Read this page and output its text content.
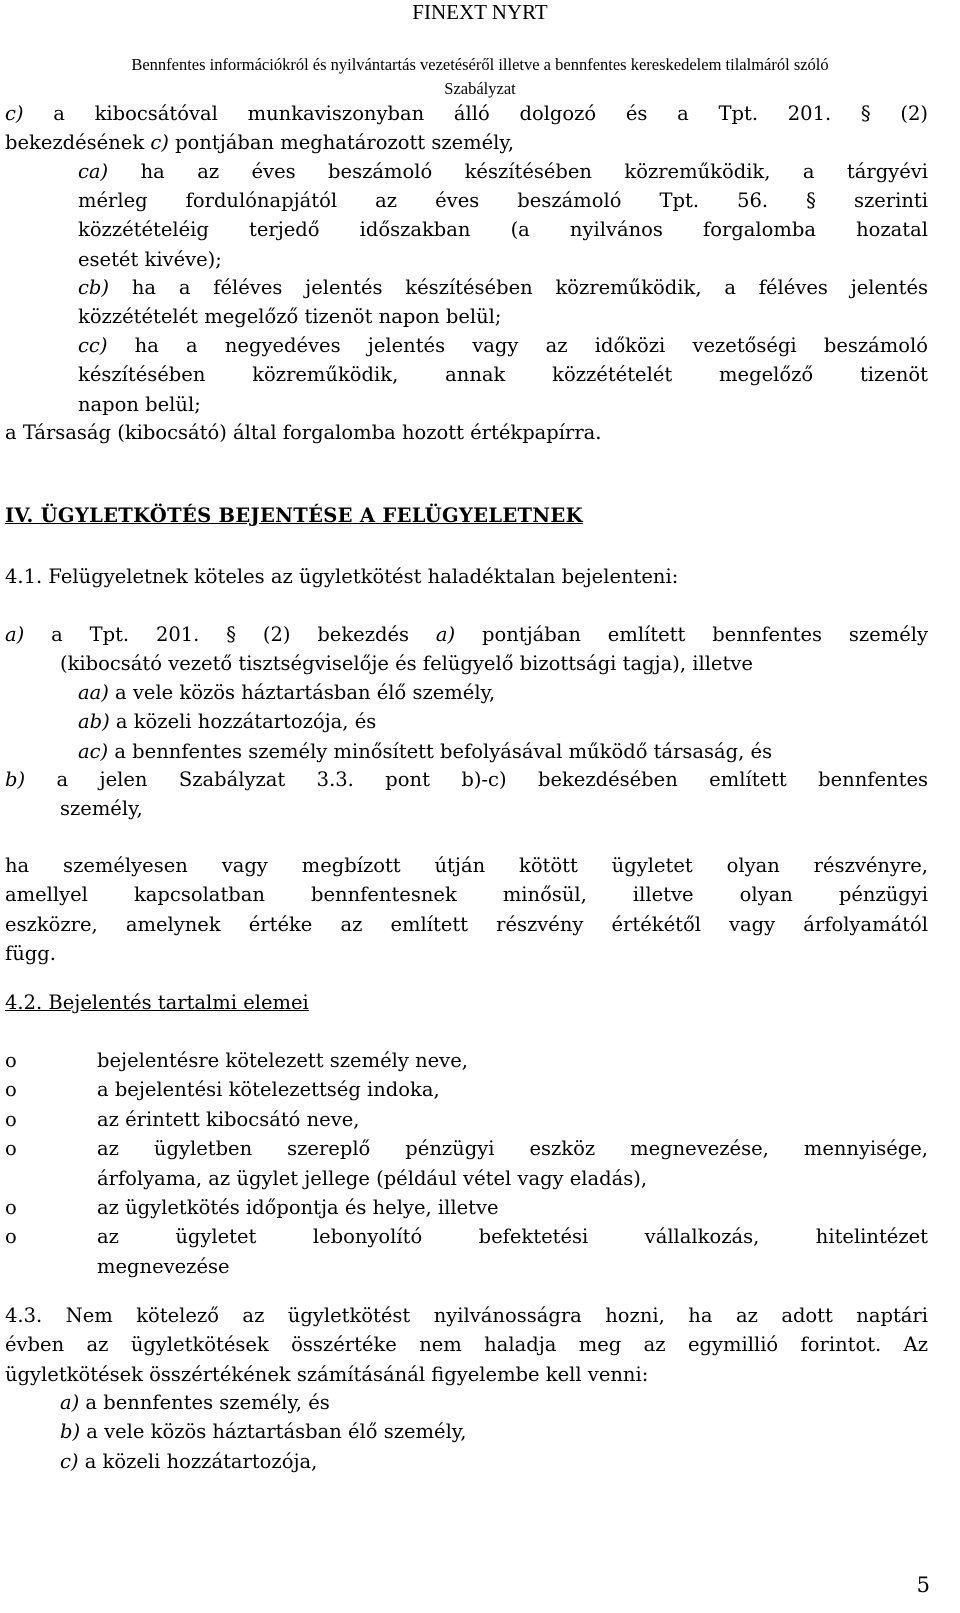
FINEXT NYRT
Bennfentes információkról és nyilvántartás vezetéséről illetve a bennfentes kereskedelem tilalmáról szóló
Szabályzat
c) a kibocsátóval munkaviszonyban álló dolgozó és a Tpt. 201. § (2)
bekezdésének c) pontjában meghatározott személy,
ca) ha az éves beszámoló készítésében közreműködik, a tárgyévi
mérleg fordulónapjától az éves beszámoló Tpt. 56. § szerinti
közzétételéig terjedő időszakban (a nyilvános forgalomba hozatal
esetét kivéve);
cb) ha a féléves jelentés készítésében közreműködik, a féléves jelentés
közzétételét megelőző tizenöt napon belül;
cc) ha a negyedéves jelentés vagy az időközi vezetőségi beszámoló
készítésében közreműködik, annak közzétételét megelőző tizenöt
napon belül;
a Társaság (kibocsátó) által forgalomba hozott értékpapírra.
IV. ÜGYLETKÖTÉS BEJENTÉSE A FELÜGYELETNEK
4.1. Felügyeletnek köteles az ügyletkötést haladéktalan bejelenteni:
a) a Tpt. 201. § (2) bekezdés a) pontjában említett bennfentes személy
(kibocsátó vezető tisztségviselője és felügyelő bizottsági tagja), illetve
aa) a vele közös háztartásban élő személy,
ab) a közeli hozzátartozója, és
ac) a bennfentes személy minősített befolyásával működő társaság, és
b) a jelen Szabályzat 3.3. pont b)-c) bekezdésében említett bennfentes
személy,
ha személyesen vagy megbízott útján kötött ügyletet olyan részvényre,
amellyel kapcsolatban bennfentesnek minősül, illetve olyan pénzügyi
eszközre, amelynek értéke az említett részvény értékétől vagy árfolyamától
függ.
4.2. Bejelentés tartalmi elemei
o
o
o
o

o
o
bejelentésre kötelezett személy neve,
a bejelentési kötelezettség indoka,
az érintett kibocsátó neve,
az ügyletben szereplő pénzügyi eszköz megnevezése, mennyisége,
árfolyama, az ügylet jellege (például vétel vagy eladás),
az ügyletkötés időpontja és helye, illetve
az ügyletet lebonyolító befektetési vállalkozás, hitelintézet
megnevezése
4.3. Nem kötelező az ügyletkötést nyilvánosságra hozni, ha az adott naptári
évben az ügyletkötések összértéke nem haladja meg az egymillió forintot. Az
ügyletkötések összértékének számításánál figyelembe kell venni:
a) a bennfentes személy, és
b) a vele közös háztartásban élő személy,
c) a közeli hozzátartozója,
5
